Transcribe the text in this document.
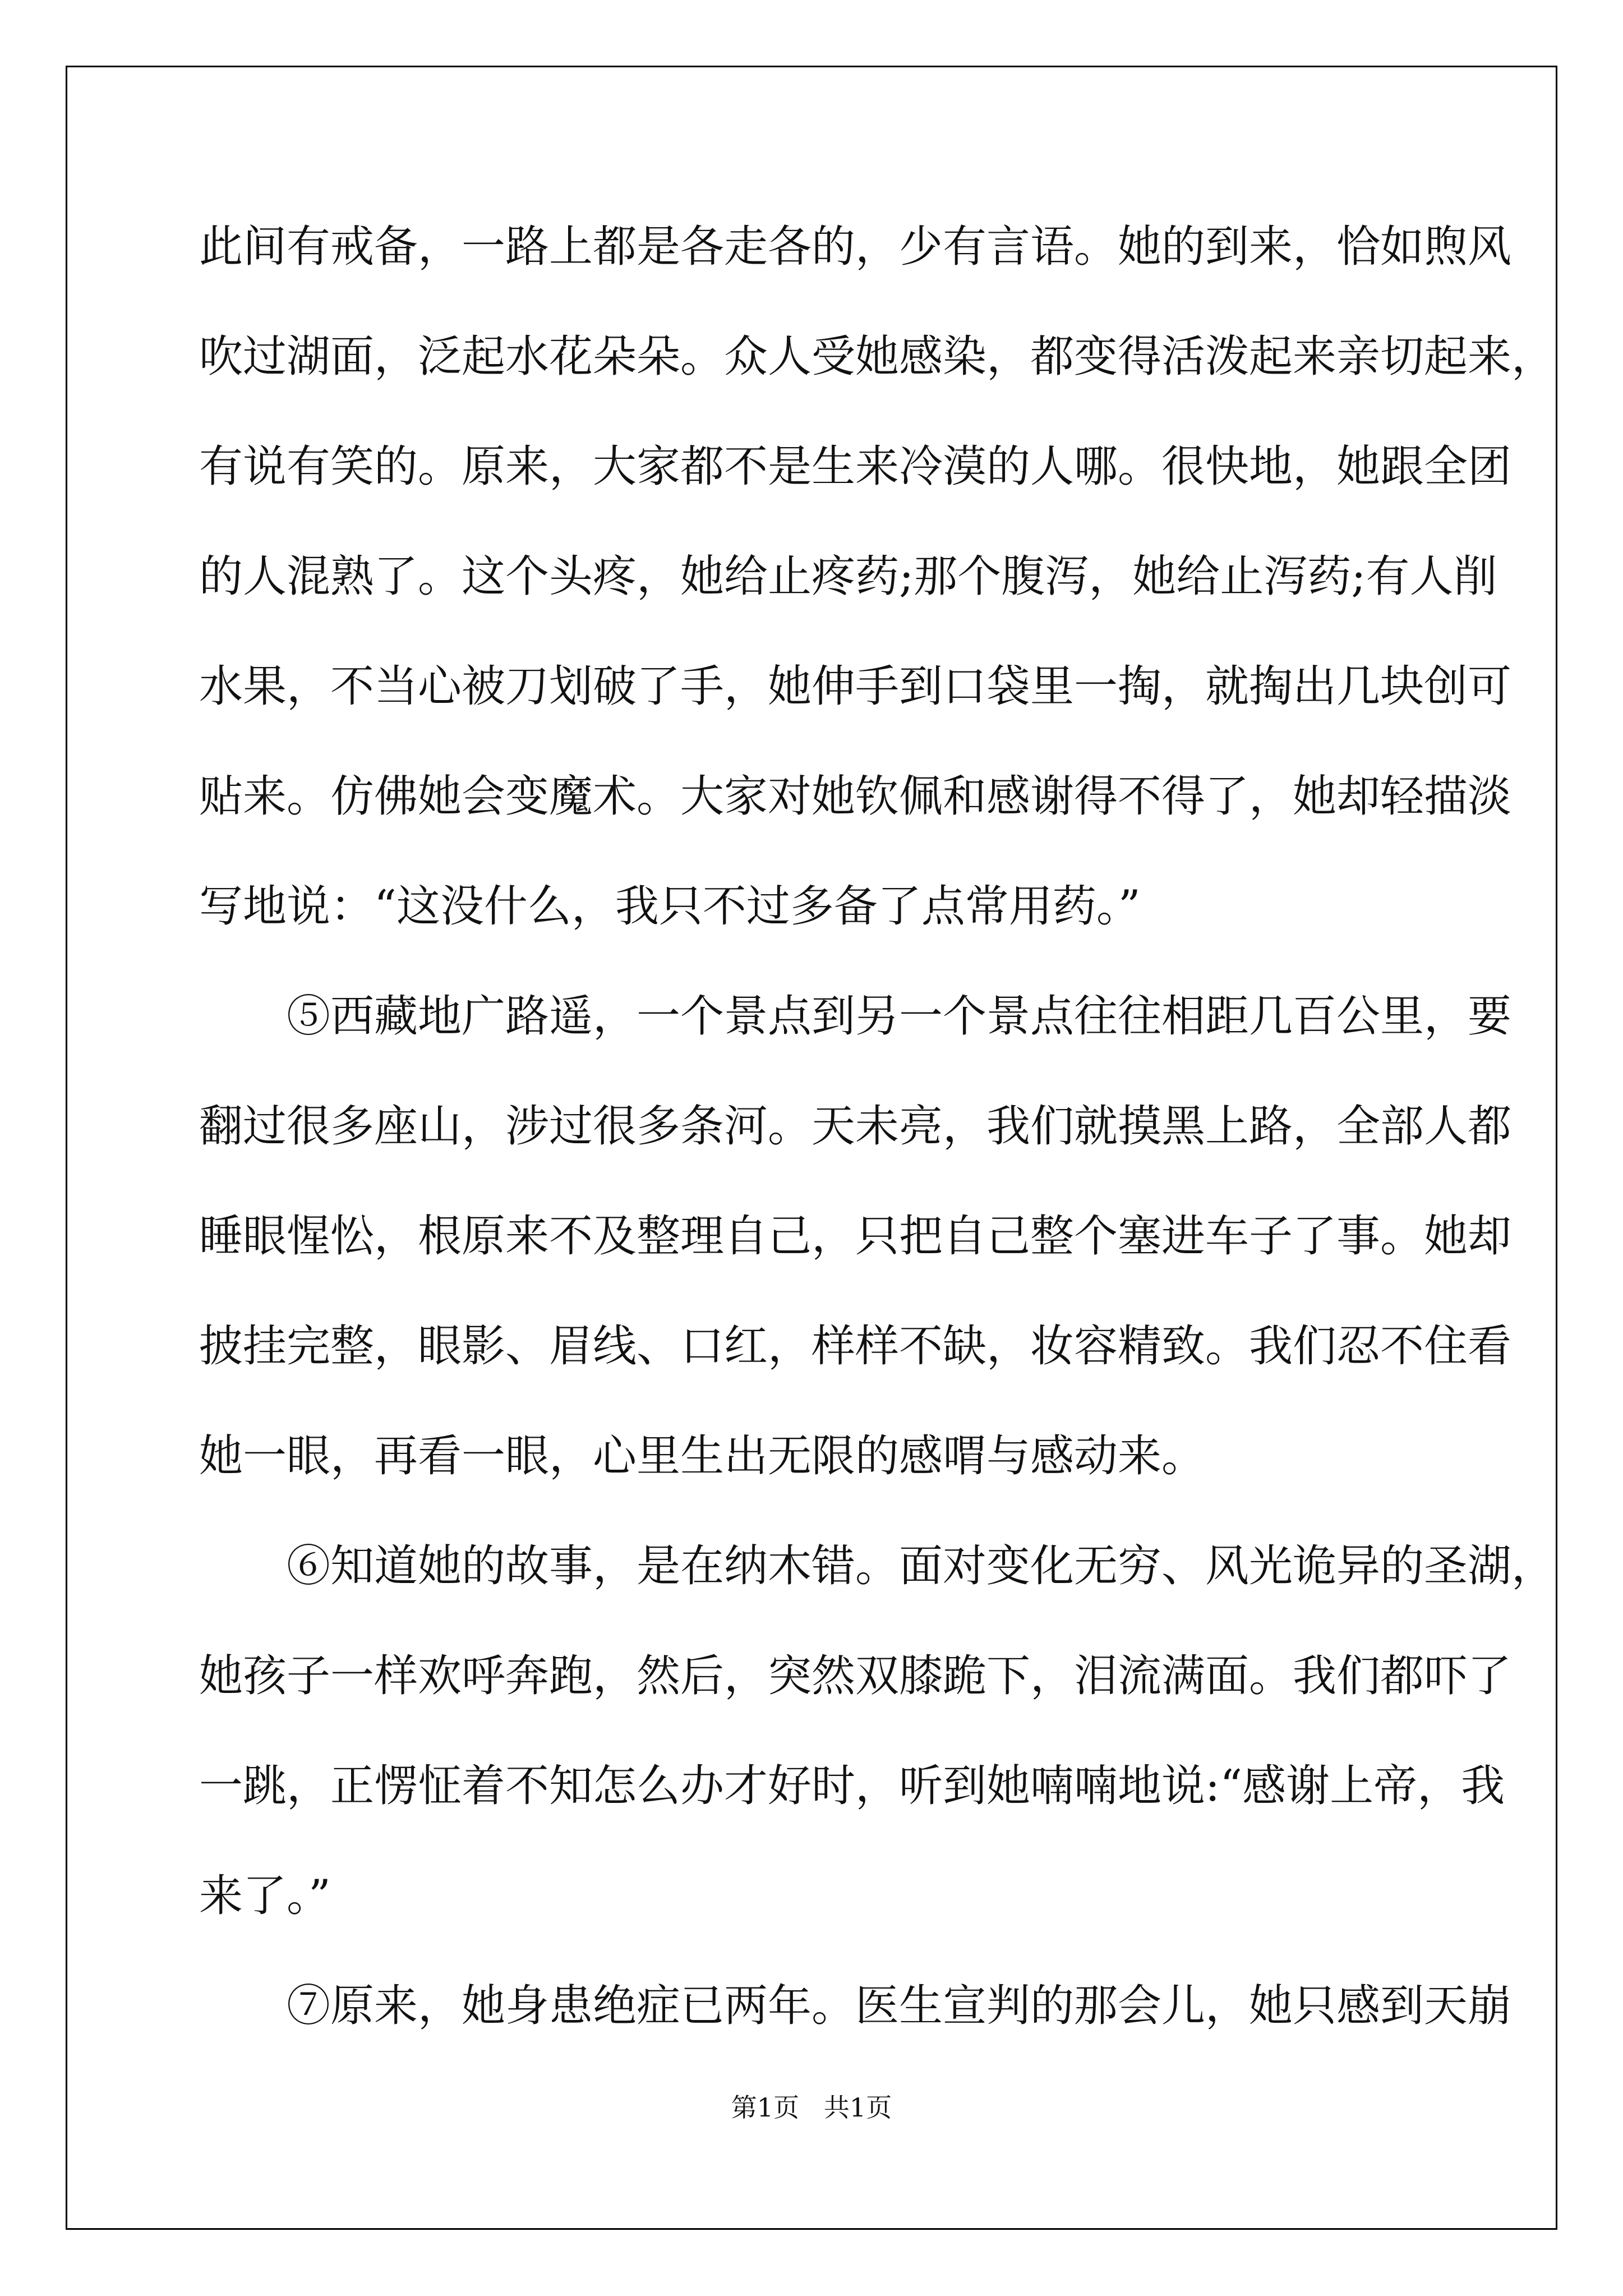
此间有戒备，一路上都是各走各的，少有言语。她的到来，恰如煦风
吹过湖面，泛起水花朵朵。众人受她感染，都变得活泼起来亲切起来，
有说有笑的。原来，大家都不是生来冷漠的人哪。很快地，她跟全团
的人混熟了。这个头疼，她给止疼药;那个腹泻，她给止泻药;有人削
水果，不当心被刀划破了手，她伸手到口袋里一掏，就掏出几块创可
贴来。仿佛她会变魔术。大家对她钦佩和感谢得不得了，她却轻描淡
写地说：“这没什么，我只不过多备了点常用药。”
⑤西藏地广路遥，一个景点到另一个景点往往相距几百公里，要
翻过很多座山，涉过很多条河。天未亮，我们就摸黑上路，全部人都
睡眼惺忪，根原来不及整理自己，只把自己整个塞进车子了事。她却
披挂完整，眼影、眉线、口红，样样不缺，妆容精致。我们忍不住看
她一眼，再看一眼，心里生出无限的感喟与感动来。
⑥知道她的故事，是在纳木错。面对变化无穷、风光诡异的圣湖，
她孩子一样欢呼奔跑，然后，突然双膝跪下，泪流满面。我们都吓了
一跳，正愣怔着不知怎么办才好时，听到她喃喃地说:“感谢上帝，我
来了。”
⑦原来，她身患绝症已两年。医生宣判的那会儿，她只感到天崩
第1页   共1页
